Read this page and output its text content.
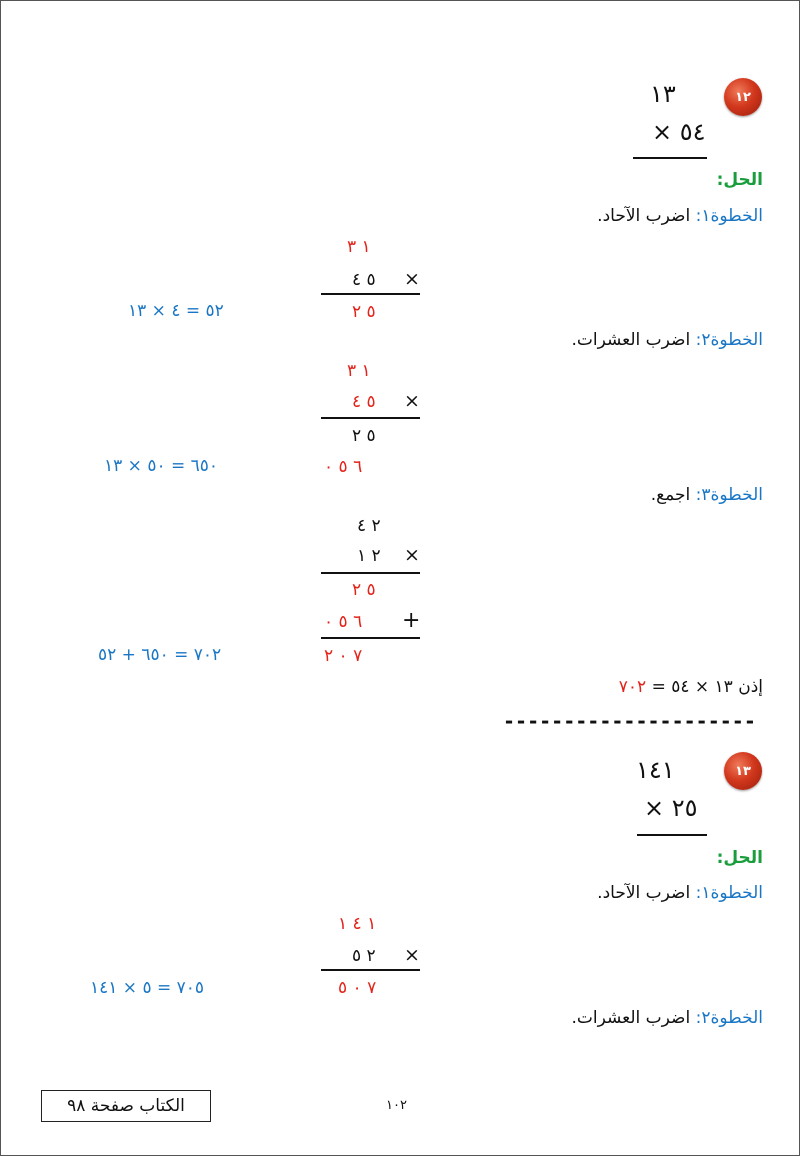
١٢
١٣
٥٤ ×
الحل:
الخطوة١: اضرب الآحاد.
١ ٣
٥ ٤ ×
٥ ٢
٥٢ = ٤ × ١٣
الخطوة٢: اضرب العشرات.
١ ٣
٥ ٤ ×
٥ ٢
٦ ٥ ٠
٦٥٠ = ٥٠ × ١٣
الخطوة٣: اجمع.
٢ ٤
٢ ١ ×
٥ ٢
٦ ٥ ٠ +
٧ ٠ ٢
٧٠٢ = ٦٥٠ + ٥٢
إذن ١٣ × ٥٤ = ٧٠٢
---------------------
١٣
١٤١
٢٥ ×
الحل:
الخطوة١: اضرب الآحاد.
١ ٤ ١
٢ ٥ ×
٧ ٠ ٥
٧٠٥ = ٥ × ١٤١
الخطوة٢: اضرب العشرات.
الكتاب صفحة ٩٨	١٠٢
